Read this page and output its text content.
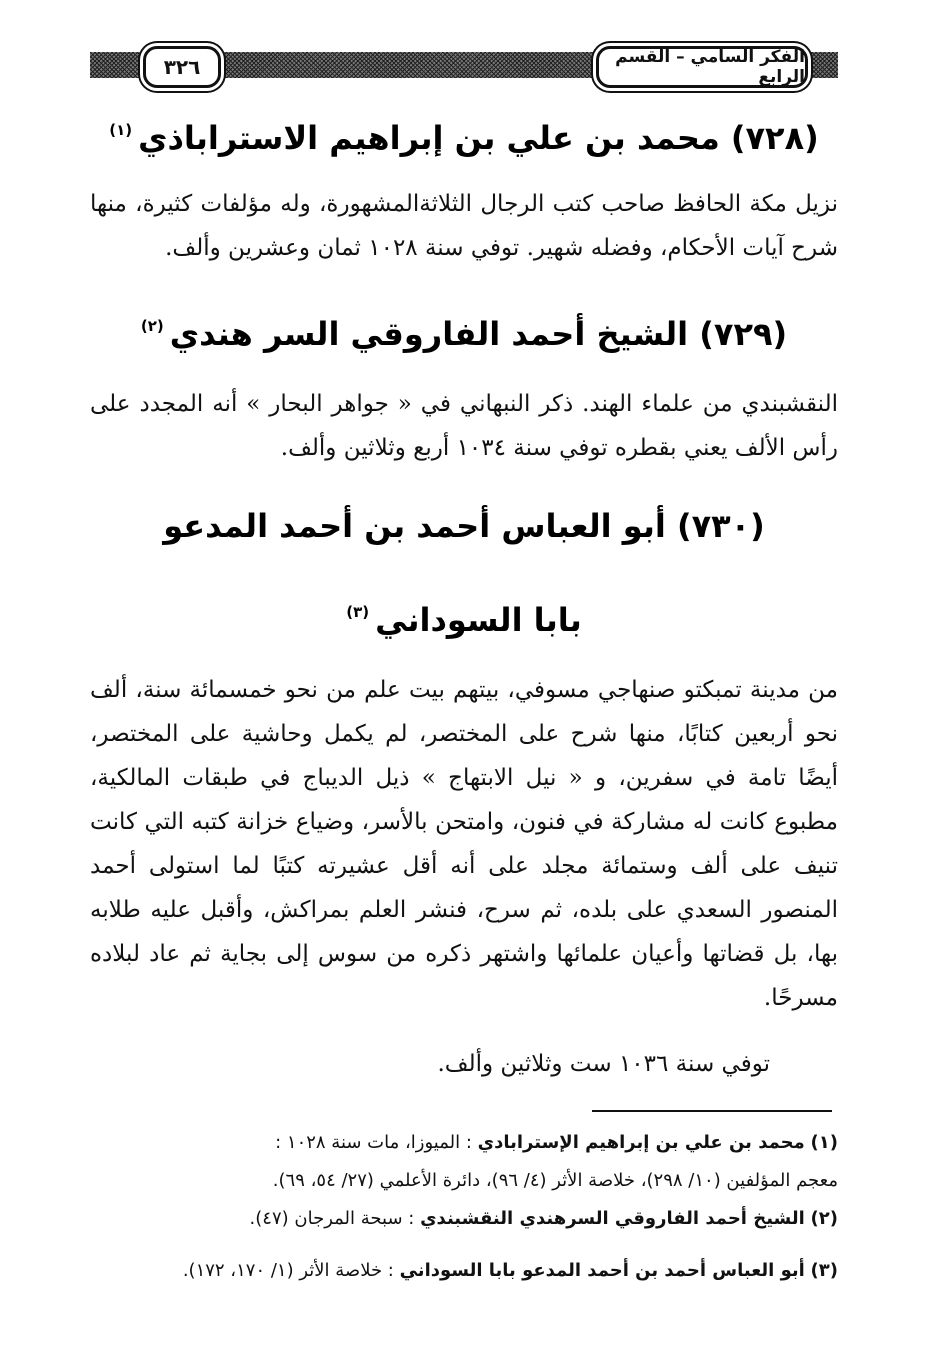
الفكر السامي – القسم الرابع
٣٢٦
(٧٢٨) محمد بن علي بن إبراهيم الاستراباذي$^{(١)}$

نزيل مكة الحافظ صاحب كتب الرجال الثلاثةالمشهورة، وله مؤلفات كثيرة، منها شرح آيات الأحكام، وفضله شهير. توفي سنة ١٠٢٨ ثمان وعشرين وألف.

(٧٢٩) الشيخ أحمد الفاروقي السر هندي$^{(٢)}$

النقشبندي من علماء الهند. ذكر النبهاني في « جواهر البحار » أنه المجدد على رأس الألف يعني بقطره توفي سنة ١٠٣٤ أربع وثلاثين وألف.

(٧٣٠) أبو العباس أحمد بن أحمد المدعو
بابا السوداني$^{(٣)}$

من مدينة تمبكتو صنهاجي مسوفي، بيتهم بيت علم من نحو خمسمائة سنة، ألف نحو أربعين كتابًا، منها شرح على المختصر، لم يكمل وحاشية على المختصر، أيضًا تامة في سفرين، و « نيل الابتهاج » ذيل الديباج في طبقات المالكية، مطبوع كانت له مشاركة في فنون، وامتحن بالأسر، وضياع خزانة كتبه التي كانت تنيف على ألف وستمائة مجلد على أنه أقل عشيرته كتبًا لما استولى أحمد المنصور السعدي على بلده، ثم سرح، فنشر العلم بمراكش، وأقبل عليه طلابه بها، بل قضاتها وأعيان علمائها واشتهر ذكره من سوس إلى بجاية ثم عاد لبلاده مسرحًا.

توفي سنة ١٠٣٦ ست وثلاثين وألف.

(١) محمد بن علي بن إبراهيم الإسترابادي : الميوزا، مات سنة ١٠٢٨ :

معجم المؤلفين (١٠/ ٢٩٨)، خلاصة الأثر (٤/ ٩٦)، دائرة الأعلمي (٢٧/ ٥٤، ٦٩).

(٢) الشيخ أحمد الفاروقي السرهندي النقشبندي : سبحة المرجان (٤٧).

(٣) أبو العباس أحمد بن أحمد المدعو بابا السوداني : خلاصة الأثر (١/ ١٧٠، ١٧٢).
